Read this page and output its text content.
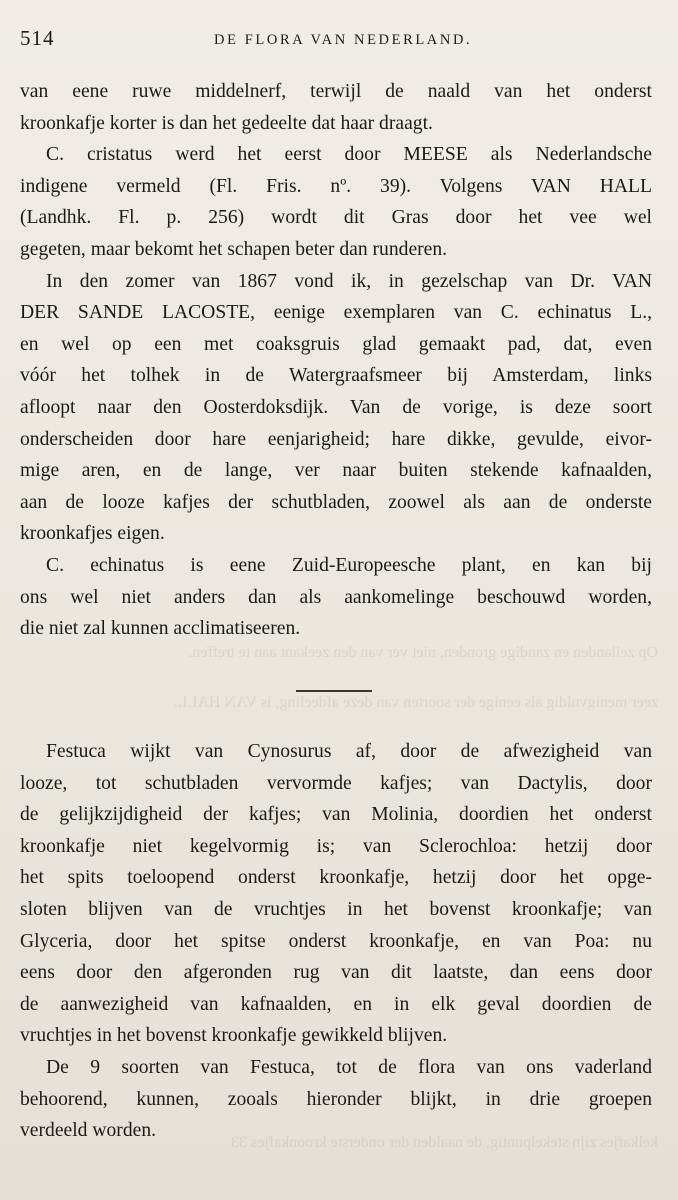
514	DE FLORA VAN NEDERLAND.
Op zeilanden en zandige gronden, niet ver van den zeekant aan te treffen.
zeer menigvuldig als eenige der soorten van deze afdeeling, is VAN HALL.
kelkafjes zijn stekelpuntig, de naalden der onderste kroonkafjes 33

van eene ruwe middelnerf, terwijl de naald van het onderst
kroonkafje korter is dan het gedeelte dat haar draagt.

C. cristatus werd het eerst door MEESE als Nederlandsche
indigene vermeld (Fl. Fris. nº. 39). Volgens VAN HALL
(Landhk. Fl. p. 256) wordt dit Gras door het vee wel
gegeten, maar bekomt het schapen beter dan runderen.

In den zomer van 1867 vond ik, in gezelschap van Dr. VAN
DER SANDE LACOSTE, eenige exemplaren van C. echinatus L.,
en wel op een met coaksgruis glad gemaakt pad, dat, even
vóór het tolhek in de Watergraafsmeer bij Amsterdam, links
afloopt naar den Oosterdoksdijk. Van de vorige, is deze soort
onderscheiden door hare eenjarigheid; hare dikke, gevulde, eivor-
mige aren, en de lange, ver naar buiten stekende kafnaalden,
aan de looze kafjes der schutbladen, zoowel als aan de onderste
kroonkafjes eigen.

C. echinatus is eene Zuid-Europeesche plant, en kan bij
ons wel niet anders dan als aankomelinge beschouwd worden,
die niet zal kunnen acclimatiseeren.

Festuca wijkt van Cynosurus af, door de afwezigheid van
looze, tot schutbladen vervormde kafjes; van Dactylis, door
de gelijkzijdigheid der kafjes; van Molinia, doordien het onderst
kroonkafje niet kegelvormig is; van Sclerochloa: hetzij door
het spits toeloopend onderst kroonkafje, hetzij door het opge-
sloten blijven van de vruchtjes in het bovenst kroonkafje; van
Glyceria, door het spitse onderst kroonkafje, en van Poa: nu
eens door den afgeronden rug van dit laatste, dan eens door
de aanwezigheid van kafnaalden, en in elk geval doordien de
vruchtjes in het bovenst kroonkafje gewikkeld blijven.

De 9 soorten van Festuca, tot de flora van ons vaderland
behoorend, kunnen, zooals hieronder blijkt, in drie groepen
verdeeld worden.
